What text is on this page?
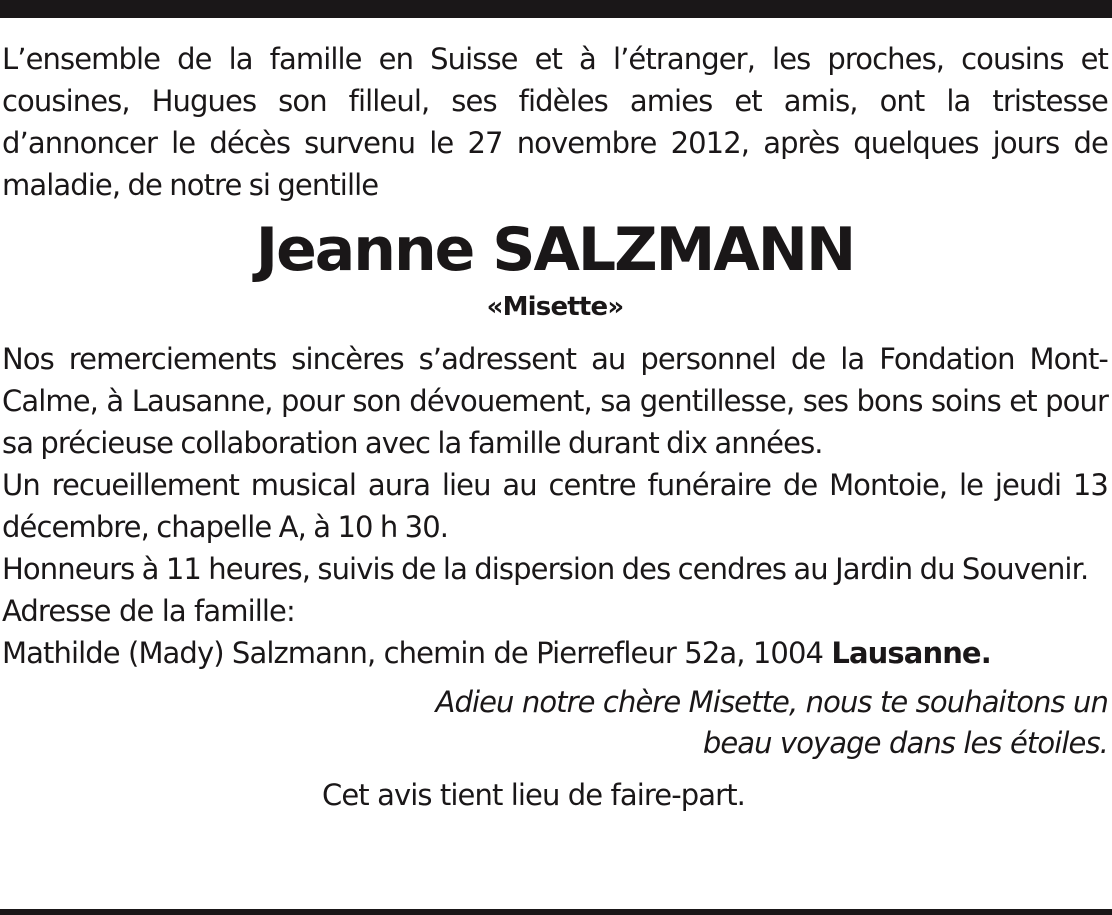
L’ensemble de la famille en Suisse et à l’étranger, les proches, cousins et cousines, Hugues son filleul, ses fidèles amies et amis, ont la tristesse d’annoncer le décès survenu le 27 novembre 2012, après quelques jours de maladie, de notre si gentille

Jeanne SALZMANN

«Misette»

Nos remerciements sincères s’adressent au personnel de la Fondation Mont-Calme, à Lausanne, pour son dévouement, sa gentillesse, ses bons soins et pour sa précieuse collaboration avec la famille durant dix années.

Un recueillement musical aura lieu au centre funéraire de Montoie, le jeudi 13 décembre, chapelle A, à 10 h 30.

Honneurs à 11 heures, suivis de la dispersion des cendres au Jardin du Souvenir.

Adresse de la famille:

Mathilde (Mady) Salzmann, chemin de Pierrefleur 52a, 1004 Lausanne.

Adieu notre chère Misette, nous te souhaitons un
beau voyage dans les étoiles.

Cet avis tient lieu de faire-part.
